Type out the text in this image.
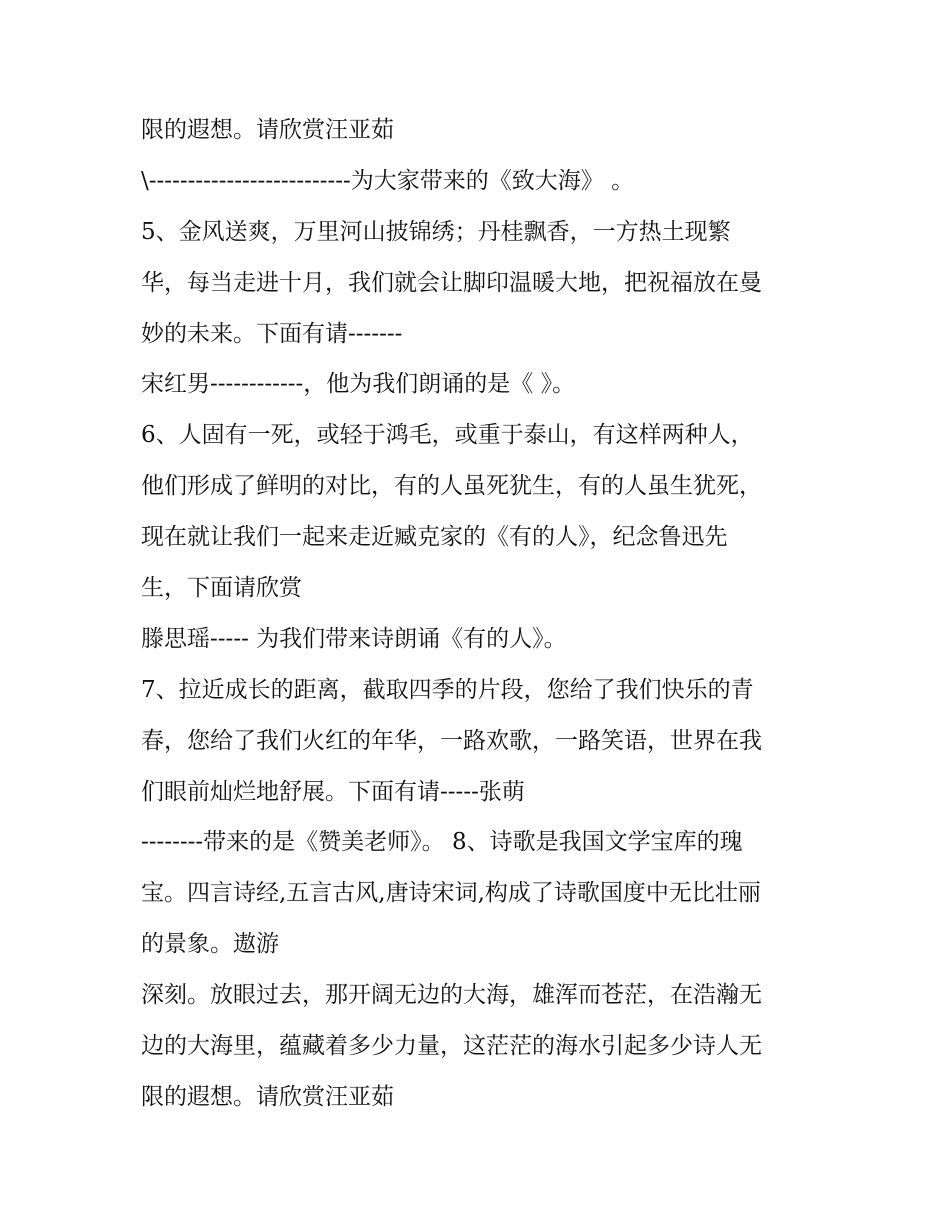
限的遐想。请欣赏汪亚茹
\--------------------------为大家带来的《致大海》 。
5、金风送爽，万里河山披锦绣；丹桂飘香，一方热土现繁
华，每当走进十月，我们就会让脚印温暖大地，把祝福放在曼
妙的未来。下面有请-------
宋红男------------，他为我们朗诵的是《 》。
6、人固有一死，或轻于鸿毛，或重于泰山，有这样两种人，
他们形成了鲜明的对比，有的人虽死犹生，有的人虽生犹死，
现在就让我们一起来走近臧克家的《有的人》，纪念鲁迅先
生，下面请欣赏
滕思瑶----- 为我们带来诗朗诵《有的人》。
7、拉近成长的距离，截取四季的片段，您给了我们快乐的青
春，您给了我们火红的年华，一路欢歌，一路笑语，世界在我
们眼前灿烂地舒展。下面有请-----张萌
--------带来的是《赞美老师》。 8、诗歌是我国文学宝库的瑰
宝。四言诗经,五言古风,唐诗宋词,构成了诗歌国度中无比壮丽
的景象。遨游
深刻。放眼过去，那开阔无边的大海，雄浑而苍茫，在浩瀚无
边的大海里，蕴藏着多少力量，这茫茫的海水引起多少诗人无
限的遐想。请欣赏汪亚茹
